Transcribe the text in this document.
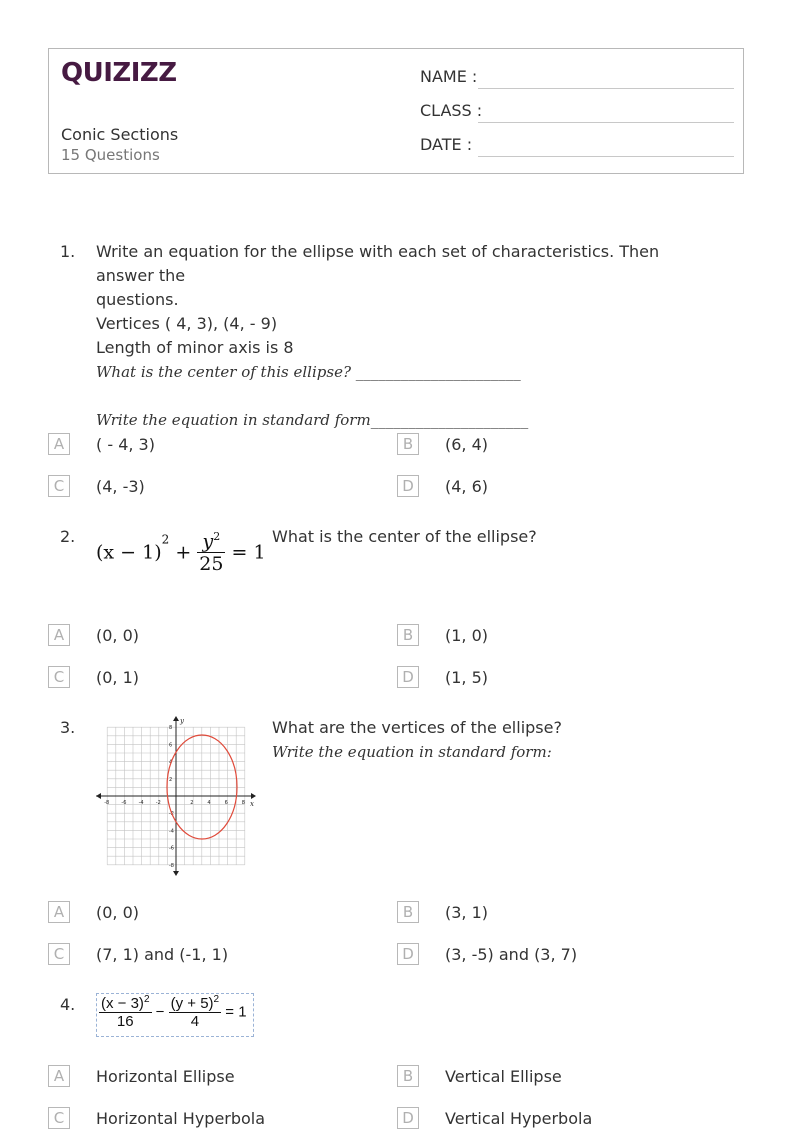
QUIZIZZ
Conic Sections
15 Questions
NAME :
CLASS :
DATE :
1. Write an equation for the ellipse with each set of characteristics. Then answer the
questions.
Vertices ( 4, 3), (4, - 9)
Length of minor axis is 8
What is the center of this ellipse? ______________________
Write the equation in standard form_____________________
A	( - 4, 3)	B	(6, 4)
C	(4, -3)	D	(4, 6)
2.
$(x - 1)^2 + \frac{y^2}{25} = 1$
What is the center of the ellipse?
A	(0, 0)	B	(1, 0)
C	(0, 1)	D	(1, 5)
3.
x
y
-8 -6 -4 -2	2	4	6	8
8
6
4
2
-2
-4
-6
-8
What are the vertices of the ellipse?
Write the equation in standard form:
A	(0, 0)	B	(3, 1)
C	(7, 1) and (-1, 1)	D	(3, -5) and (3, 7)
4. $\frac{(x - 3)^2}{16} - \frac{(y + 5)^2}{4} = 1$
A	Horizontal Ellipse	B	Vertical Ellipse
C	Horizontal Hyperbola	D	Vertical Hyperbola
